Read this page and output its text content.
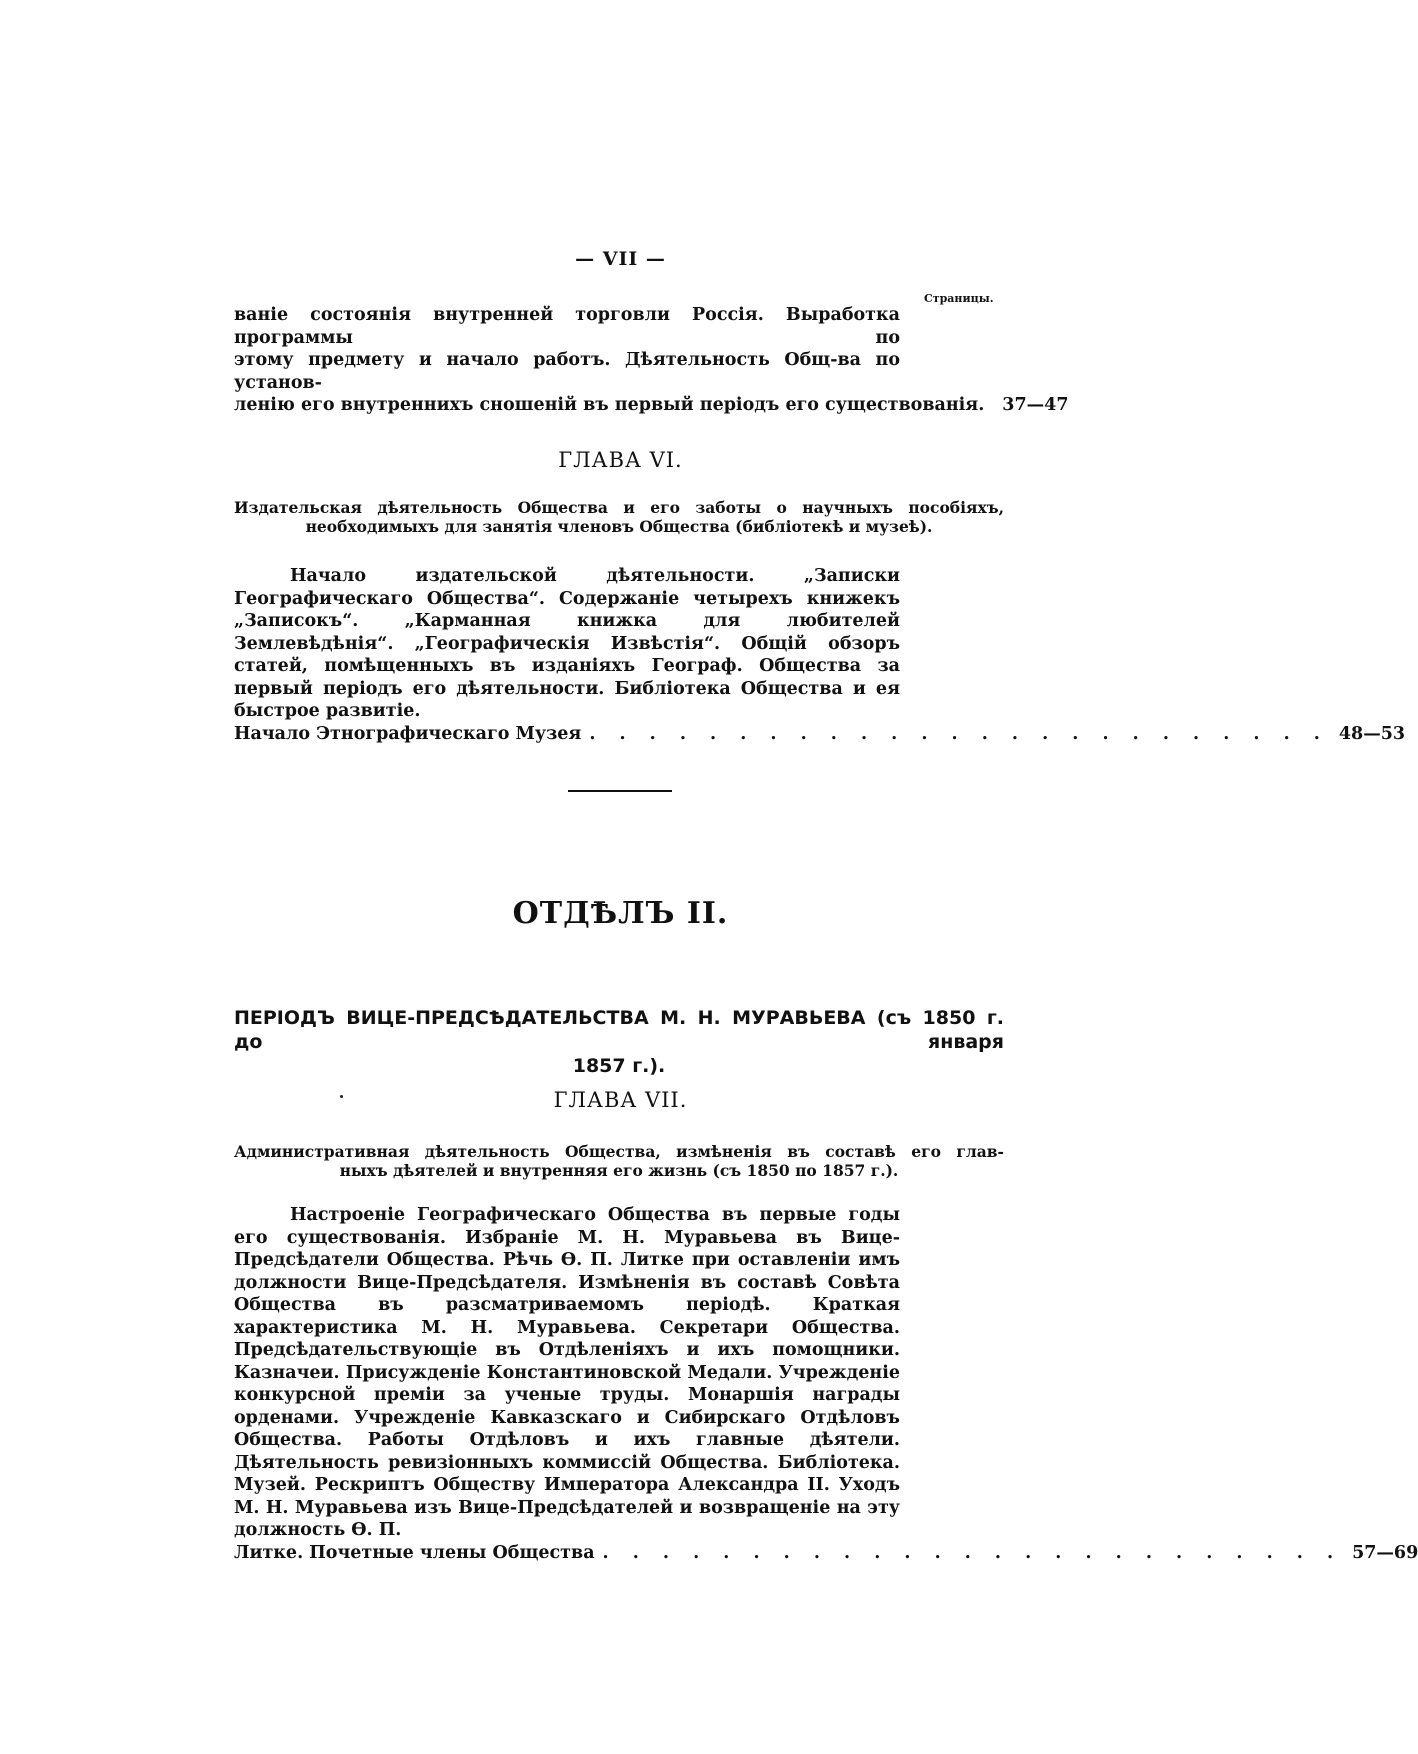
— VII —
Страницы.
ваніе состоянія внутренней торговли Россія. Выработка программы по
этому предмету и начало работъ. Дѣятельность Общ-ва по установ-
ленію его внутреннихъ сношеній въ первый періодъ его существованія. 37—47
ГЛАВА VI.
Издательская дѣятельность Общества и его заботы о научныхъ пособіяхъ,
необходимыхъ для занятія членовъ Общества (библіотекѣ и музеѣ).
Начало издательской дѣятельности. „Записки Географическаго Общества“. Содержаніе четырехъ книжекъ „Записокъ“. „Карманная книжка для любителей Землевѣдѣнія“. „Географическія Извѣстія“. Общій обзоръ статей, помѣщенныхъ въ изданіяхъ Географ. Общества за первый періодъ его дѣятельности. Библіотека Общества и ея быстрое развитіе.
Начало Этнографическаго Музея . . . . . . . . . . . . . . . . . . . . . . . . . 48—53
ОТДѢЛЪ II.
ПЕРІОДЪ ВИЦЕ-ПРЕДСѢДАТЕЛЬСТВА М. Н. МУРАВЬЕВА (съ 1850 г. до января
1857 г.).
ГЛАВА VII.
Административная дѣятельность Общества, измѣненія въ составѣ его глав-
ныхъ дѣятелей и внутренняя его жизнь (съ 1850 по 1857 г.).
Настроеніе Географическаго Общества въ первые годы его существованія. Избраніе М. Н. Муравьева въ Вице-Предсѣдатели Общества. Рѣчь Ѳ. П. Литке при оставленіи имъ должности Вице-Предсѣдателя. Измѣненія въ составѣ Совѣта Общества въ разсматриваемомъ періодѣ. Краткая характеристика М. Н. Муравьева. Секретари Общества. Предсѣдательствующіе въ Отдѣленіяхъ и ихъ помощники. Казначеи. Присужденіе Константиновской Медали. Учрежденіе конкурсной преміи за ученые труды. Монаршія награды орденами. Учрежденіе Кавказскаго и Сибирскаго Отдѣловъ Общества. Работы Отдѣловъ и ихъ главные дѣятели. Дѣятельность ревизіонныхъ коммиссій Общества. Библіотека. Музей. Рескриптъ Обществу Императора Александра II. Уходъ М. Н. Муравьева изъ Вице-Предсѣдателей и возвращеніе на эту должность Ѳ. П.
Литке. Почетные члены Общества . . . . . . . . . . . . . . . . . . . . . . . . . 57—69
